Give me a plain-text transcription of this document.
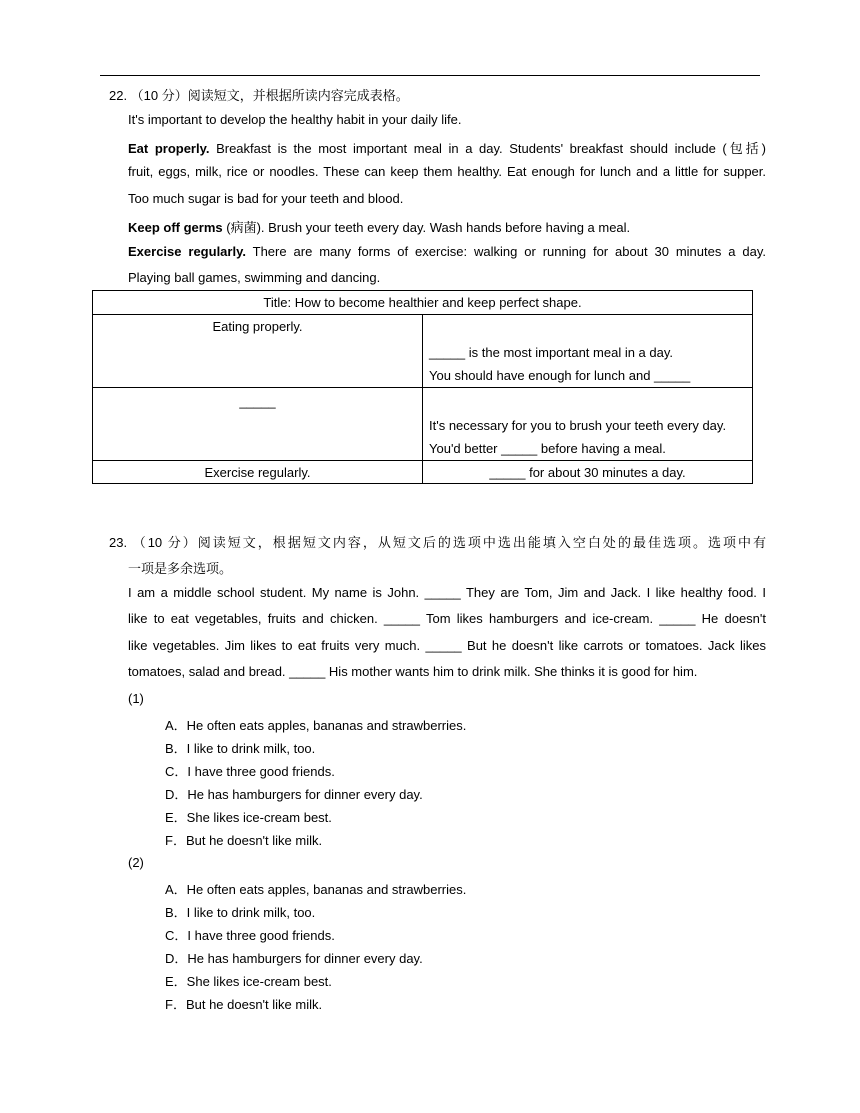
22. （10 分）阅读短文，并根据所读内容完成表格。
It's important to develop the healthy habit in your daily life.
Eat properly. Breakfast is the most important meal in a day. Students' breakfast should include (包括)
fruit, eggs, milk, rice or noodles. These can keep them healthy. Eat enough for lunch and a little for supper.
Too much sugar is bad for your teeth and blood.
Keep off germs (病菌). Brush your teeth every day. Wash hands before having a meal.
Exercise regularly. There are many forms of exercise: walking or running for about 30 minutes a day.
Playing ball games, swimming and dancing.
Title: How to become healthier and keep perfect shape.	
Eating properly.	_____ is the most important meal in a day.
You should have enough for lunch and _____

_____	It's necessary for you to brush your teeth every day.
You'd better _____ before having a meal.

Exercise regularly.	_____ for about 30 minutes a day.
23. （10 分）阅读短文，根据短文内容，从短文后的选项中选出能填入空白处的最佳选项。选项中有
一项是多余选项。
I am a middle school student. My name is John. _____ They are Tom, Jim and Jack. I like healthy food. I
like to eat vegetables, fruits and chicken. _____ Tom likes hamburgers and ice-cream. _____ He doesn't
like vegetables. Jim likes to eat fruits very much. _____ But he doesn't like carrots or tomatoes. Jack likes
tomatoes, salad and bread. _____ His mother wants him to drink milk. She thinks it is good for him.
(1)
A．He often eats apples, bananas and strawberries.
B．I like to drink milk, too.
C．I have three good friends.
D．He has hamburgers for dinner every day.
E．She likes ice-cream best.
F．But he doesn't like milk.
(2)
A．He often eats apples, bananas and strawberries.
B．I like to drink milk, too.
C．I have three good friends.
D．He has hamburgers for dinner every day.
E．She likes ice-cream best.
F．But he doesn't like milk.
